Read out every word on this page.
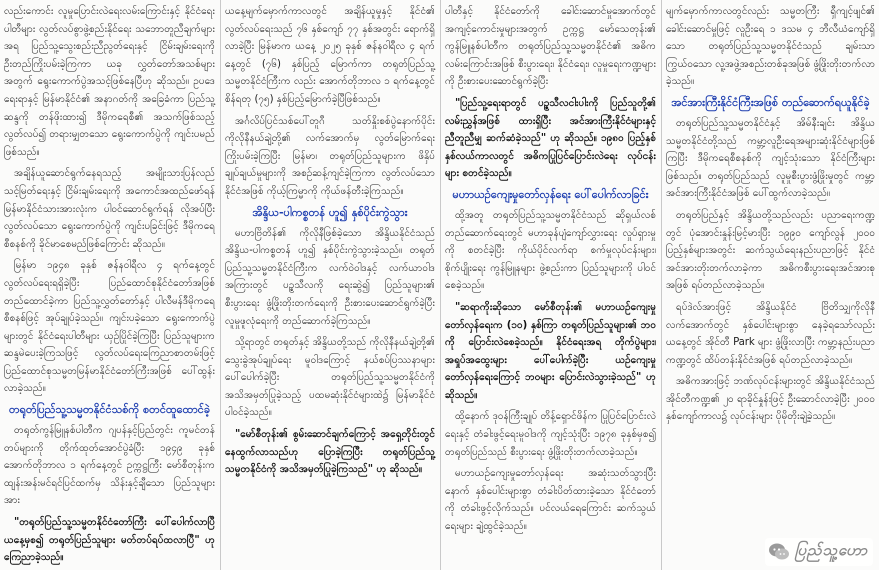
လည်းကောင်း လူမှုပြောင်းလဲရေးလမ်းကြောင်းနှင့် နိုင်ငံရေးပါတီများ လွတ်လပ်စွာဖွဲ့စည်းနိုင်ရေး သဘောတူညီချက်များအရ ပြည်သူ့သွေးစည်းညီညွတ်ရေးနှင့် ငြိမ်းချမ်းရေးကို ဦးတည်ကြိုးပမ်းခဲ့ကြကာ ယခု လွှတ်တော်အသစ်များအတွက် ရွေးကောက်ပွဲအသင့်ဖြစ်နေပြီဟု ဆိုသည်။ ဥပဒေရေးရာနှင့် မြန်မာနိုင်ငံ၏ အနာဂတ်ကို အခြေခံကာ ပြည်သူ့ဆန္ဒကို တန်ဖိုးထား၍ ဒီမိုကရေစီ၏ အသက်ဖြစ်သည့် လွတ်လပ်၍ တရားမျှတသော ရွေးကောက်ပွဲကို ကျင်းပမည်ဖြစ်သည်။

အချိန်ယူဆောင်ရွက်နေရသည့် အမျိုးသားပြန်လည်သင့်မြတ်ရေးနှင့် ငြိမ်းချမ်းရေးကို အကောင်အထည်ဖော်ရန် မြန်မာနိုင်ငံသားအားလုံးက ပါဝင်ဆောင်ရွက်ရန် လိုအပ်ပြီး လွတ်လပ်သော ရွေးကောက်ပွဲကို ကျင်းပခြင်းဖြင့် ဒီမိုကရေစီစနစ်ကို ခိုင်မာစေမည်ဖြစ်ကြောင်း ဆိုသည်။

မြန်မာ ၁၉၄၈ ခုနှစ် ဇန်နဝါရီလ ၄ ရက်နေ့တွင် လွတ်လပ်ရေးရရှိခဲ့ပြီး ပြည်ထောင်စုနိုင်ငံတော်အဖြစ် တည်ထောင်ခဲ့ကာ ပြည်သူ့လွှတ်တော်နှင့် ပါလီမန်ဒီမိုကရေစီစနစ်ဖြင့် အုပ်ချုပ်ခဲ့သည်။ ကျင်းပခဲ့သော ရွေးကောက်ပွဲများတွင် နိုင်ငံရေးပါတီများ ယှဉ်ပြိုင်ခဲ့ကြပြီး ပြည်သူများက ဆန္ဒမဲပေးခဲ့ကြသဖြင့် လွတ်လပ်ရေးကြေညာစာတမ်းဖြင့် ပြည်ထောင်စုသမ္မတမြန်မာနိုင်ငံတော်ကြီးအဖြစ် ပေါ်ထွန်းလာခဲ့သည်။

တရုတ်ပြည်သူ့သမ္မတနိုင်ငံသစ်ကို စတင်ထူထောင်ခဲ့

တရုတ်ကွန်မြူနစ်ပါတီက ဂျပန်နှင့်ပြည်တွင်း ကူမင်တန်တပ်များကို တိုက်ထုတ်အောင်ပွဲခံပြီး ၁၉၄၉ ခုနှစ် အောက်တိုဘာလ ၁ ရက်နေ့တွင် ဥက္ကဋ္ဌကြီး မော်စီတုန်းက ထျန်းအန်းမင်ရင်ပြင်ထက်မှ သိန်းနှင့်ချီသော ပြည်သူများအား

"တရုတ်ပြည်သူ့သမ္မတနိုင်ငံတော်ကြီး ပေါ်ပေါက်လာပြီ ယနေ့မှစ၍ တရုတ်ပြည်သူများ မတ်တပ်ရပ်ထလာပြီ" ဟု ကြေညာခဲ့သည်။

ယနေ့မျက်မှောက်ကာလတွင် အချိန်ယူမှုနှင့် နိုင်ငံ၏ လွတ်လပ်ရေးသည် ၇၆ နှစ်ကျော် ၇၇ နှစ်အတွင်း ရောက်ရှိလာခဲ့ပြီး မြန်မာက ယနေ့ ၂၀၂၅ ခုနှစ် ဇန်နဝါရီလ ၄ ရက်နေ့တွင် (၇၆) နှစ်ပြည့် မြောက်ကာ တရုတ်ပြည်သူ့သမ္မတနိုင်ငံကြီးက လည်း အောက်တိုဘာလ ၁ ရက်နေ့တွင် စိန်ရတု (၇၅) နှစ်ပြည့်မြောက်ခဲ့ပြီဖြစ်သည်။

အင်္ဂလိပ်ပြင်သစ်ပေါ်တူဂီ သတ်နှိုးစစ်ပွဲနောက်ပိုင်း ကိုလိုနီနယ်ချဲ့တို့၏ လက်အောက်မှ လွတ်မြောက်ရေး ကြိုးပမ်းခဲ့ကြပြီး မြန်မာ၊ တရုတ်ပြည်သူများက ဖိနှိပ်ချုပ်ချယ်မှုများကို အစဉ်ဆန့်ကျင်ခဲ့ကြကာ လွတ်လပ်သော နိုင်ငံအဖြစ် ကိုယ့်ကြမ္မာကို ကိုယ်ဖန်တီးခဲ့ကြသည်။

အိန္ဒိယ-ပါကစ္စတန် ဟူ၍ နှစ်ပိုင်းကွဲသွား

မဟာဗြိတိန်၏ ကိုလိုနီဖြစ်ခဲ့သော အိန္ဒိယနိုင်ငံသည် အိန္ဒိယ-ပါကစ္စတန် ဟူ၍ နှစ်ပိုင်းကွဲသွားခဲ့သည်။ တရုတ်ပြည်သူ့သမ္မတနိုင်ငံကြီးက လက်ဝဲဝါဒနှင့် လက်ယာဝါဒ အကြားတွင် ပဉ္စသီလကို ရေးဆွဲ၍ ပြည်သူများ၏ စီးပွားရေး ဖွံ့ဖြိုးတိုးတက်ရေးကို ဦးစားပေးဆောင်ရွက်ခဲ့ပြီး လူမှုဖူလုံရေးကို တည်ဆောက်ခဲ့ကြသည်။

သို့ရာတွင် တရုတ်နှင့် အိန္ဒိယတို့သည် ကိုလိုနီနယ်ချဲ့တို့၏ သွေးခွဲအုပ်ချုပ်ရေး မူဝါဒကြောင့် နယ်စပ်ပြဿနာများ ပေါ်ပေါက်ခဲ့ပြီး တရုတ်ပြည်သူ့သမ္မတနိုင်ငံကို အသိအမှတ်ပြုခဲ့သည့် ပထမဆုံးနိုင်ငံများထဲ၌ မြန်မာနိုင်ငံ ပါဝင်ခဲ့သည်။

"မော်စီတုန်း၏ စွမ်းဆောင်ချက်ကြောင့် အရှေ့တိုင်းတွင် နေထွက်လာသည်ဟု ပြောခဲ့ကြပြီး တရုတ်ပြည်သူ့သမ္မတနိုင်ငံကို အသိအမှတ်ပြုခဲ့ကြသည်" ဟု ဆိုသည်။

ပါတီနှင့် နိုင်ငံတော်ကို ခေါင်းဆောင်မှုအောက်တွင် အကျင့်ကောင်းမှုများအတွက် ဥက္ကဋ္ဌ မော်သေတုန်း၏ ကွန်မြူနစ်ပါတီက တရုတ်ပြည်သူ့သမ္မတနိုင်ငံ၏ အဓိကလမ်းကြောင်းအဖြစ် စီးပွားရေး၊ နိုင်ငံရေး၊ လူမှုရေးကဏ္ဍများကို ဦးစားပေးဆောင်ရွက်ခဲ့ပြီး

"ပြည်သူ့ရေးရာတွင် ပဉ္စသီလငါးပါးကို ပြည်သူတို့၏ လမ်းညွှန်အဖြစ် ထားရှိပြီး အင်အားကြီးနိုင်ငံများနှင့် ညီတူညီမျှ ဆက်ဆံခဲ့သည်" ဟု ဆိုသည်။ ၁၉၈၀ ပြည့်နှစ် နှစ်လယ်ကာလတွင် အဓိကပြုပြင်ပြောင်းလဲရေး လုပ်ငန်းများ စတင်ခဲ့သည်။

မဟာယဉ်ကျေးမှုတော်လှန်ရေး ပေါ်ပေါက်လာခြင်း

ထို့အတူ တရုတ်ပြည်သူ့သမ္မတနိုင်ငံသည် ဆိုရှယ်လစ်တည်ဆောက်ရေးတွင် မဟာခုန်ပျံကျော်လွှားရေး လှုပ်ရှားမှုကို စတင်ခဲ့ပြီး ကိုယ်ပိုင်လက်ရာ စက်မှုလုပ်ငန်းများ၊ စိုက်ပျိုးရေး ကွန်မြူနများ ဖွဲ့စည်းကာ ပြည်သူများကို ပါဝင်စေခဲ့သည်။

"ဆရာကိုးဆိုသော မော်စီတုန်း၏ မဟာယဉ်ကျေးမှုတော်လှန်ရေးက (၁၀) နှစ်ကြာ တရုတ်ပြည်သူများ၏ ဘဝကို ပြောင်းလဲစေခဲ့သည်။ နိုင်ငံရေးအရ တိုက်ပွဲများ၊ အရှုပ်အထွေးများ ပေါ်ပေါက်ခဲ့ပြီး ယဉ်ကျေးမှုတော်လှန်ရေးကြောင့် ဘဝများ ပြောင်းလဲသွားခဲ့သည်" ဟု ဆိုသည်။

ထို့နောက် ဒုဝန်ကြီးချုပ် တိန့်ရှောင်ဖိန်က ပြုပြင်ပြောင်းလဲရေးနှင့် တံခါးဖွင့်ရေးမူဝါဒကို ကျင့်သုံးပြီး ၁၉၇၈ ခုနှစ်မှစ၍ တရုတ်ပြည်သည် စီးပွားရေး ဖွံ့ဖြိုးတိုးတက်လာခဲ့သည်။

မဟာယဉ်ကျေးမှုတော်လှန်ရေး အဆုံးသတ်သွားပြီးနောက် နှစ်ပေါင်းများစွာ တံခါးပိတ်ထားခဲ့သော နိုင်ငံတော်ကို တံခါးဖွင့်လိုက်သည်။ ပင်လယ်ရေကြောင်း ဆက်သွယ်ရေးများ ချဲ့ထွင်ခဲ့သည်။

မျက်မှောက်ကာလတွင်လည်း သမ္မတကြီး ရှီကျင့်ဖျင်၏ ခေါင်းဆောင်မှုဖြင့် လူဦးရေ ၁ ဒသမ ၄ ဘီလီယံကျော်ရှိသော တရုတ်ပြည်သူ့သမ္မတနိုင်ငံသည် ချမ်းသာကြွယ်ဝသော လူ့အဖွဲ့အစည်းတစ်ခုအဖြစ် ဖွံ့ဖြိုးတိုးတက်လာခဲ့သည်။

အင်အားကြီးနိုင်ငံကြီးအဖြစ် တည်ဆောက်ရယူနိုင်ခဲ့

တရုတ်ပြည်သူ့သမ္မတနိုင်ငံနှင့် အိမ်နီးချင်း အိန္ဒိယသမ္မတနိုင်ငံတို့သည် ကမ္ဘာ့လူဦးရေအများဆုံးနိုင်ငံများဖြစ်ကြပြီး ဒီမိုကရေစီစနစ်ကို ကျင့်သုံးသော နိုင်ငံကြီးများ ဖြစ်သည်။ တရုတ်ပြည်သည် လူမှုစီးပွားဖွံ့ဖြိုးမှုတွင် ကမ္ဘာ့အင်အားကြီးနိုင်ငံအဖြစ် ပေါ်ထွက်လာခဲ့သည်။

တရုတ်ပြည်နှင့် အိန္ဒိယတို့သည်လည်း ပညာရေးကဏ္ဍတွင် ပုံအောင်းနှုန်းမြင့်မားပြီး ၁၉၉၀ ကျော်လွန် ၂၀၀၀ ပြည့်နှစ်များအတွင်း ဆက်သွယ်ရေးနည်းပညာဖြင့် နိုင်ငံအင်အားတိုးတက်လာခဲ့ကာ အဓိကစီးပွားရေးအင်အားစုအဖြစ် ရပ်တည်လာခဲ့သည်။

ရပ်ဒဲလ်အားဖြင့် အိန္ဒိယနိုင်ငံ ဗြိတိသျှကိုလိုနီလက်အောက်တွင် နှစ်ပေါင်းများစွာ နေခဲ့ရသော်လည်း ယနေ့တွင် အိုင်တီ Park များ ဖွံ့ဖြိုးလာပြီး ကမ္ဘာ့နည်းပညာကဏ္ဍတွင် ထိပ်တန်းနိုင်ငံအဖြစ် ရပ်တည်လာခဲ့သည်။

အဓိကအားဖြင့် ဘဏ်လုပ်ငန်းများတွင် အိန္ဒိယနိုင်ငံသည် အိုင်တီကဏ္ဍ၏ ၂၀ ရာခိုင်နှုန်းဖြင့် ဦးဆောင်လာခဲ့ပြီး ၂၀၀၀ နှစ်ကျော်ကာလ၌ လုပ်ငန်းများ ပိုမိုတိုးချဲ့ခဲ့သည်။

ပြည်သူ့ဟော
